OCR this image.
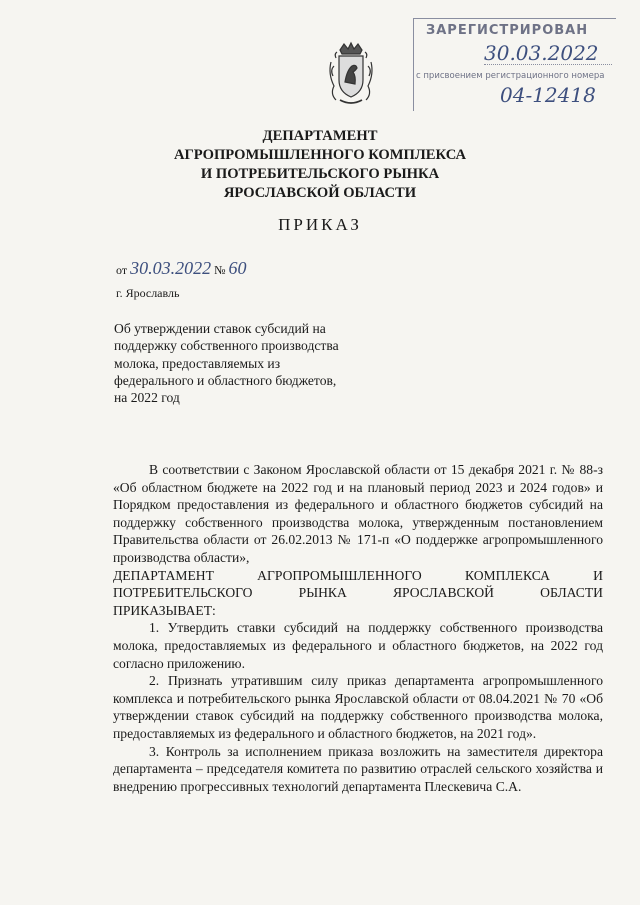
ЗАРЕГИСТРИРОВАН
30.03.2022
с присвоением регистрационного номера
04-12418
ДЕПАРТАМЕНТ
АГРОПРОМЫШЛЕННОГО КОМПЛЕКСА
И ПОТРЕБИТЕЛЬСКОГО РЫНКА
ЯРОСЛАВСКОЙ ОБЛАСТИ
ПРИКАЗ
от 30.03.2022 № 60
г. Ярославль
Об утверждении ставок субсидий на поддержку собственного производства молока, предоставляемых из федерального и областного бюджетов, на 2022 год

В соответствии с Законом Ярославской области от 15 декабря 2021 г. № 88-з «Об областном бюджете на 2022 год и на плановый период 2023 и 2024 годов» и Порядком предоставления из федерального и областного бюджетов субсидий на поддержку собственного производства молока, утвержденным постановлением Правительства области от 26.02.2013 № 171-п «О поддержке агропромышленного производства области»,

ДЕПАРТАМЕНТ АГРОПРОМЫШЛЕННОГО КОМПЛЕКСА И

ПОТРЕБИТЕЛЬСКОГО РЫНКА ЯРОСЛАВСКОЙ ОБЛАСТИ

ПРИКАЗЫВАЕТ:

1. Утвердить ставки субсидий на поддержку собственного производства молока, предоставляемых из федерального и областного бюджетов, на 2022 год согласно приложению.

2. Признать утратившим силу приказ департамента агропромышленного комплекса и потребительского рынка Ярославской области от 08.04.2021 № 70 «Об утверждении ставок субсидий на поддержку собственного производства молока, предоставляемых из федерального и областного бюджетов, на 2021 год».

3. Контроль за исполнением приказа возложить на заместителя директора департамента – председателя комитета по развитию отраслей сельского хозяйства и внедрению прогрессивных технологий департамента Плескевича С.А.
